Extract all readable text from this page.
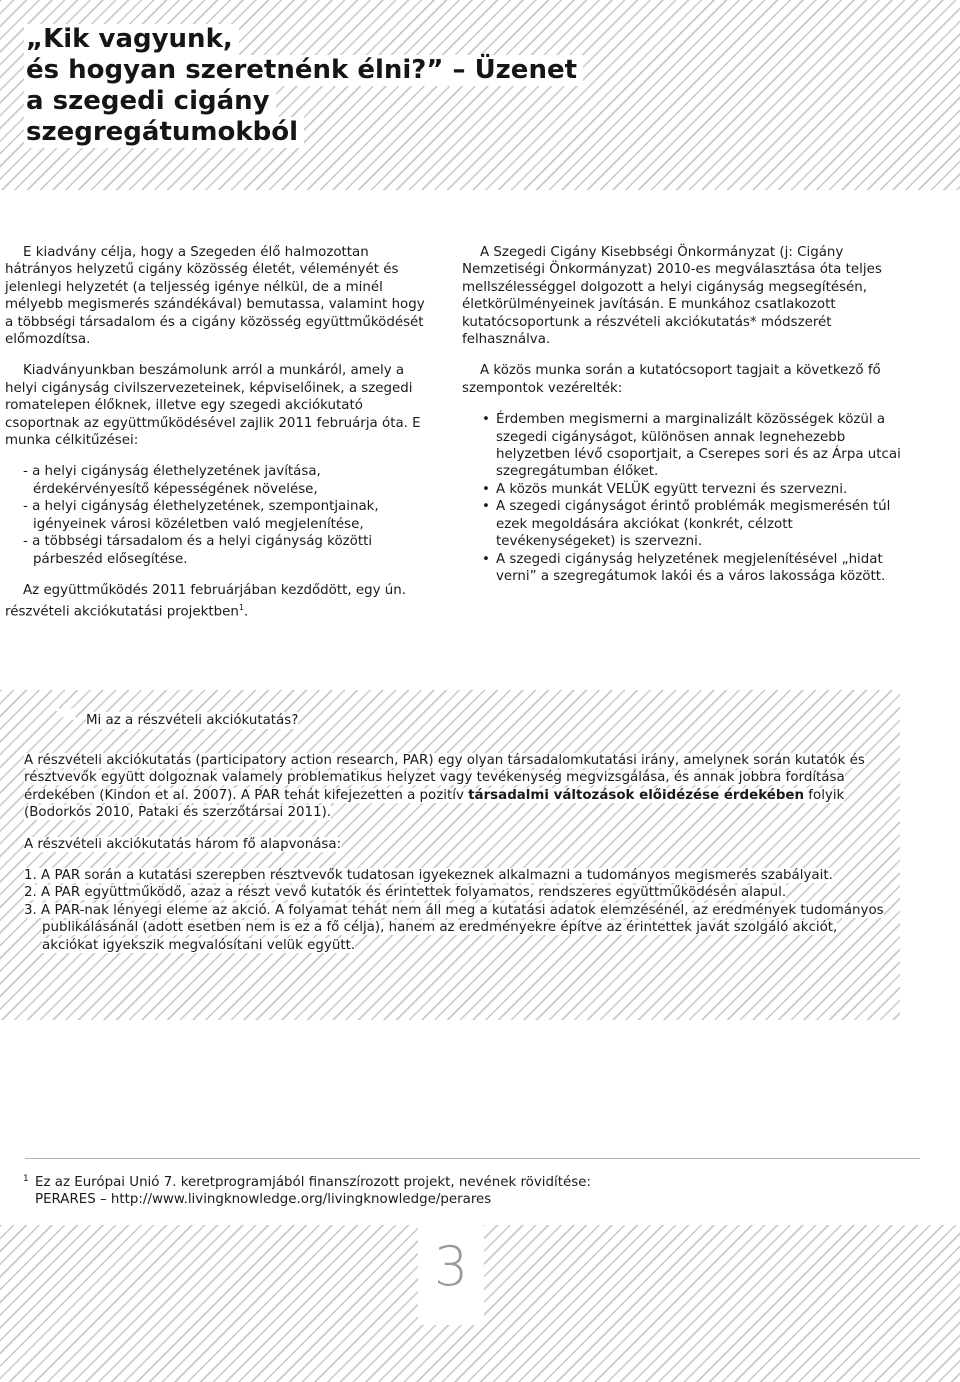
„Kik vagyunk,
és hogyan szeretnénk élni?” – Üzenet
a szegedi cigány
szegregátumokból

E kiadvány célja, hogy a Szegeden élő halmozottan hátrányos helyzetű cigány közösség életét, véleményét és jelenlegi helyzetét (a teljesség igénye nélkül, de a minél mélyebb megismerés szándékával) bemutassa, valamint hogy a többségi társadalom és a cigány közösség együttműködését előmozdítsa.

Kiadványunkban beszámolunk arról a munkáról, amely a helyi cigányság civilszervezeteinek, képviselőinek, a szegedi romatelepen élőknek, illetve egy szegedi akciókutató csoportnak az együttműködésével zajlik 2011 februárja óta. E munka célkitűzései:

- a helyi cigányság élethelyzetének javítása, érdekérvényesítő képességének növelése,
- a helyi cigányság élethelyzetének, szempontjainak, igényeinek városi közéletben való megjelenítése,
- a többségi társadalom és a helyi cigányság közötti párbeszéd elősegítése.

Az együttműködés 2011 februárjában kezdődött, egy ún. részvételi akciókutatási projektben$^1$.

A Szegedi Cigány Kisebbségi Önkormányzat (j: Cigány Nemzetiségi Önkormányzat) 2010-es megválasztása óta teljes mellszélességgel dolgozott a helyi cigányság megsegítésén, életkörülményeinek javításán. E munkához csatlakozott kutatócsoportunk a részvételi akciókutatás* módszerét felhasználva.

A közös munka során a kutatócsoport tagjait a következő fő szempontok vezérelték:

• Érdemben megismerni a marginalizált közösségek közül a szegedi cigányságot, különösen annak legnehezebb helyzetben lévő csoportjait, a Cserepes sori és az Árpa utcai szegregátumban élőket.
• A közös munkát VELÜK együtt tervezni és szervezni.
• A szegedi cigányságot érintő problémák megismerésén túl ezek megoldására akciókat (konkrét, célzott tevékenységeket) is szervezni.
• A szegedi cigányság helyzetének megjelenítésével „hidat verni” a szegregátumok lakói és a város lakossága között.
* Mi az a részvételi akciókutatás?

A részvételi akciókutatás (participatory action research, PAR) egy olyan társadalomkutatási irány, amelynek során kutatók és résztvevők együtt dolgoznak valamely problematikus helyzet vagy tevékenység megvizsgálása, és annak jobbra fordítása érdekében (Kindon et al. 2007). A PAR tehát kifejezetten a pozitív társadalmi változások előidézése érdekében folyik (Bodorkós 2010, Pataki és szerzőtársai 2011).

A részvételi akciókutatás három fő alapvonása:

1. A PAR során a kutatási szerepben résztvevők tudatosan igyekeznek alkalmazni a tudományos megismerés szabályait.
2. A PAR együttműködő, azaz a részt vevő kutatók és érintettek folyamatos, rendszeres együttműködésén alapul.
3. A PAR-nak lényegi eleme az akció. A folyamat tehát nem áll meg a kutatási adatok elemzésénél, az eredmények tudományos publikálásánál (adott esetben nem is ez a fő célja), hanem az eredményekre építve az érintettek javát szolgáló akciót, akciókat igyekszik megvalósítani velük együtt.
1 Ez az Európai Unió 7. keretprogramjából finanszírozott projekt, nevének rövidítése:
PERARES – http://www.livingknowledge.org/livingknowledge/perares
3
